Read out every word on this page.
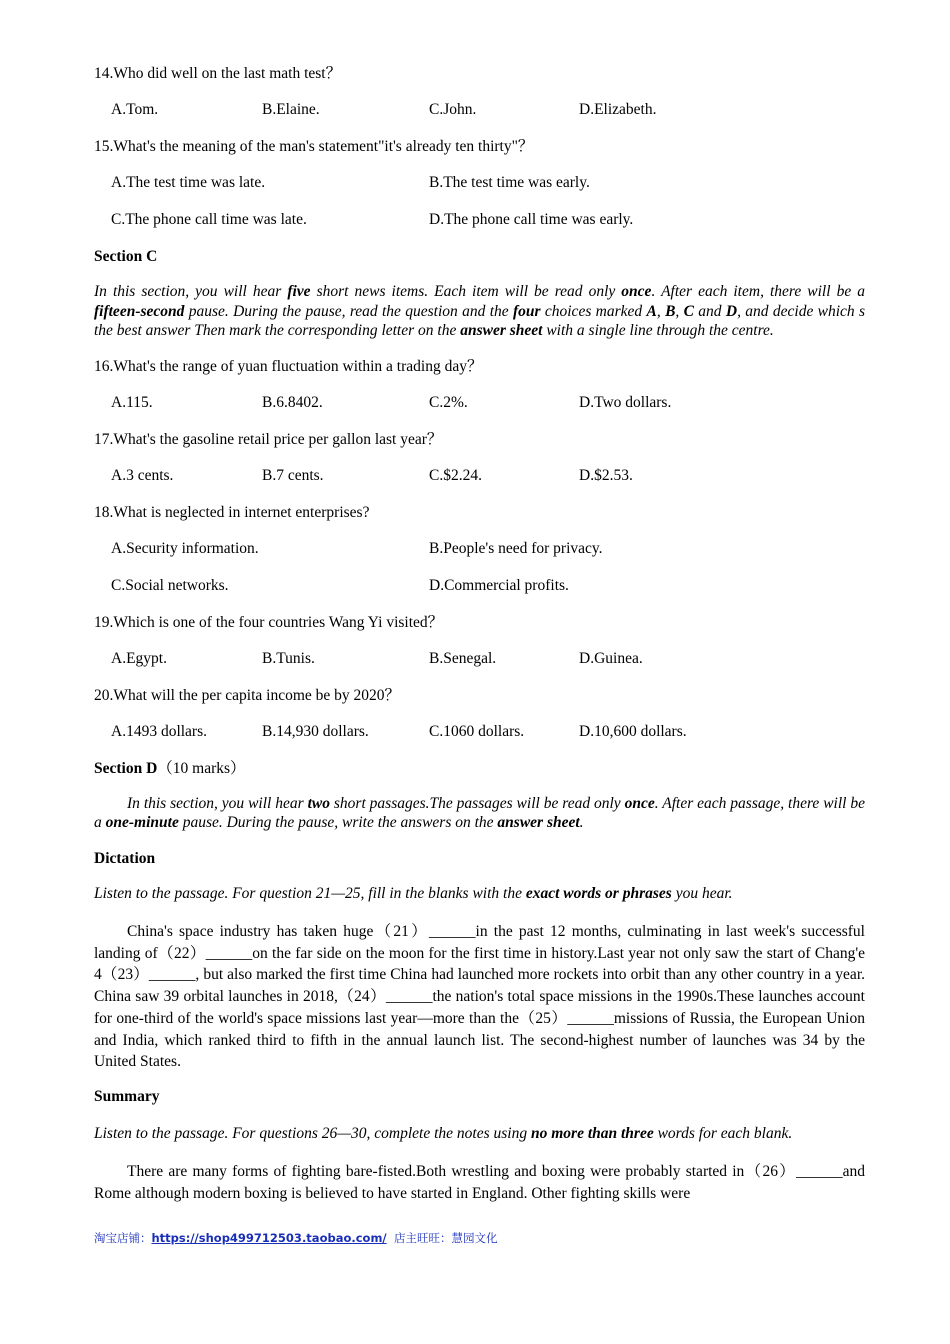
14.Who did well on the last math test？

A.Tom.	B.Elaine.	C.John.	D.Elizabeth.

15.What's the meaning of the man's statement"it's already ten thirty"？

A.The test time was late.	B.The test time was early.
C.The phone call time was late.	D.The phone call time was early.

Section C

In this section, you will hear five short news items. Each item will be read only once. After each item, there will be a fifteen-second pause. During the pause, read the question and the four choices marked A, B, C and D, and decide which s the best answer Then mark the corresponding letter on the answer sheet with a single line through the centre.

16.What's the range of yuan fluctuation within a trading day？

A.115.	B.6.8402.	C.2%.	D.Two dollars.

17.What's the gasoline retail price per gallon last year？

A.3 cents.	B.7 cents.	C.$2.24.	D.$2.53.

18.What is neglected in internet enterprises?

A.Security information.	B.People's need for privacy.
C.Social networks.	D.Commercial profits.

19.Which is one of the four countries Wang Yi visited？

A.Egypt.	B.Tunis.	B.Senegal.	D.Guinea.

20.What will the per capita income be by 2020？

A.1493 dollars.	B.14,930 dollars.	C.1060 dollars.	D.10,600 dollars.

Section D（10 marks）

In this section, you will hear two short passages.The passages will be read only once. After each passage, there will be a one-minute pause. During the pause, write the answers on the answer sheet.

Dictation

Listen to the passage. For question 21—25, fill in the blanks with the exact words or phrases you hear.

China's space industry has taken huge（21）______in the past 12 months, culminating in last week's successful landing of（22）______on the far side on the moon for the first time in history.Last year not only saw the start of Chang'e 4（23）______, but also marked the first time China had launched more rockets into orbit than any other country in a year. China saw 39 orbital launches in 2018,（24）______the nation's total space missions in the 1990s.These launches account for one-third of the world's space missions last year—more than the（25）______missions of Russia, the European Union and India, which ranked third to fifth in the annual launch list. The second-highest number of launches was 34 by the United States.

Summary

Listen to the passage. For questions 26—30, complete the notes using no more than three words for each blank.

There are many forms of fighting bare-fisted.Both wrestling and boxing were probably started in（26）______and Rome although modern boxing is believed to have started in England. Other fighting skills were

淘宝店铺：https://shop499712503.taobao.com/ 店主旺旺：慧园文化
